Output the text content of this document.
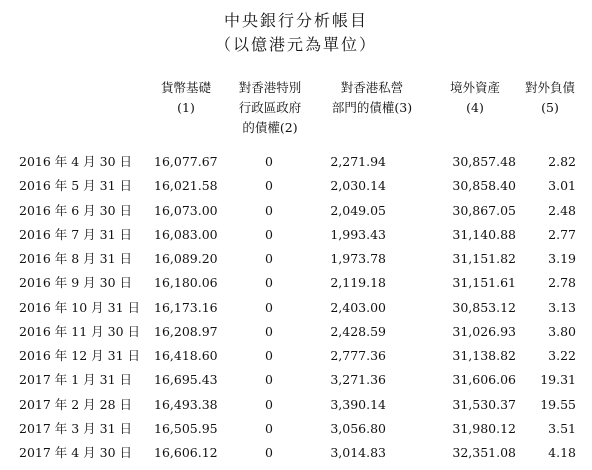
中央銀行分析帳目
（以億港元為單位）
貨幣基礎
(1)
對香港特別
行政區政府
的債權(2)
對香港私營
部門的債權(3)
境外資產
(4)
對外負債
(5)
2016 年 4 月 30 日 16,077.67	0	2,271.94	30,857.48	2.82
2016 年 5 月 31 日 16,021.58	0	2,030.14	30,858.40	3.01
2016 年 6 月 30 日 16,073.00	0	2,049.05	30,867.05	2.48
2016 年 7 月 31 日 16,083.00	0	1,993.43	31,140.88	2.77
2016 年 8 月 31 日 16,089.20	0	1,973.78	31,151.82	3.19
2016 年 9 月 30 日 16,180.06	0	2,119.18	31,151.61	2.78
2016 年 10 月 31 日 16,173.16	0	2,403.00	30,853.12	3.13
2016 年 11 月 30 日 16,208.97	0	2,428.59	31,026.93	3.80
2016 年 12 月 31 日 16,418.60	0	2,777.36	31,138.82	3.22
2017 年 1 月 31 日 16,695.43	0	3,271.36	31,606.06	19.31
2017 年 2 月 28 日 16,493.38	0	3,390.14	31,530.37	19.55
2017 年 3 月 31 日 16,505.95	0	3,056.80	31,980.12	3.51
2017 年 4 月 30 日 16,606.12	0	3,014.83	32,351.08	4.18
